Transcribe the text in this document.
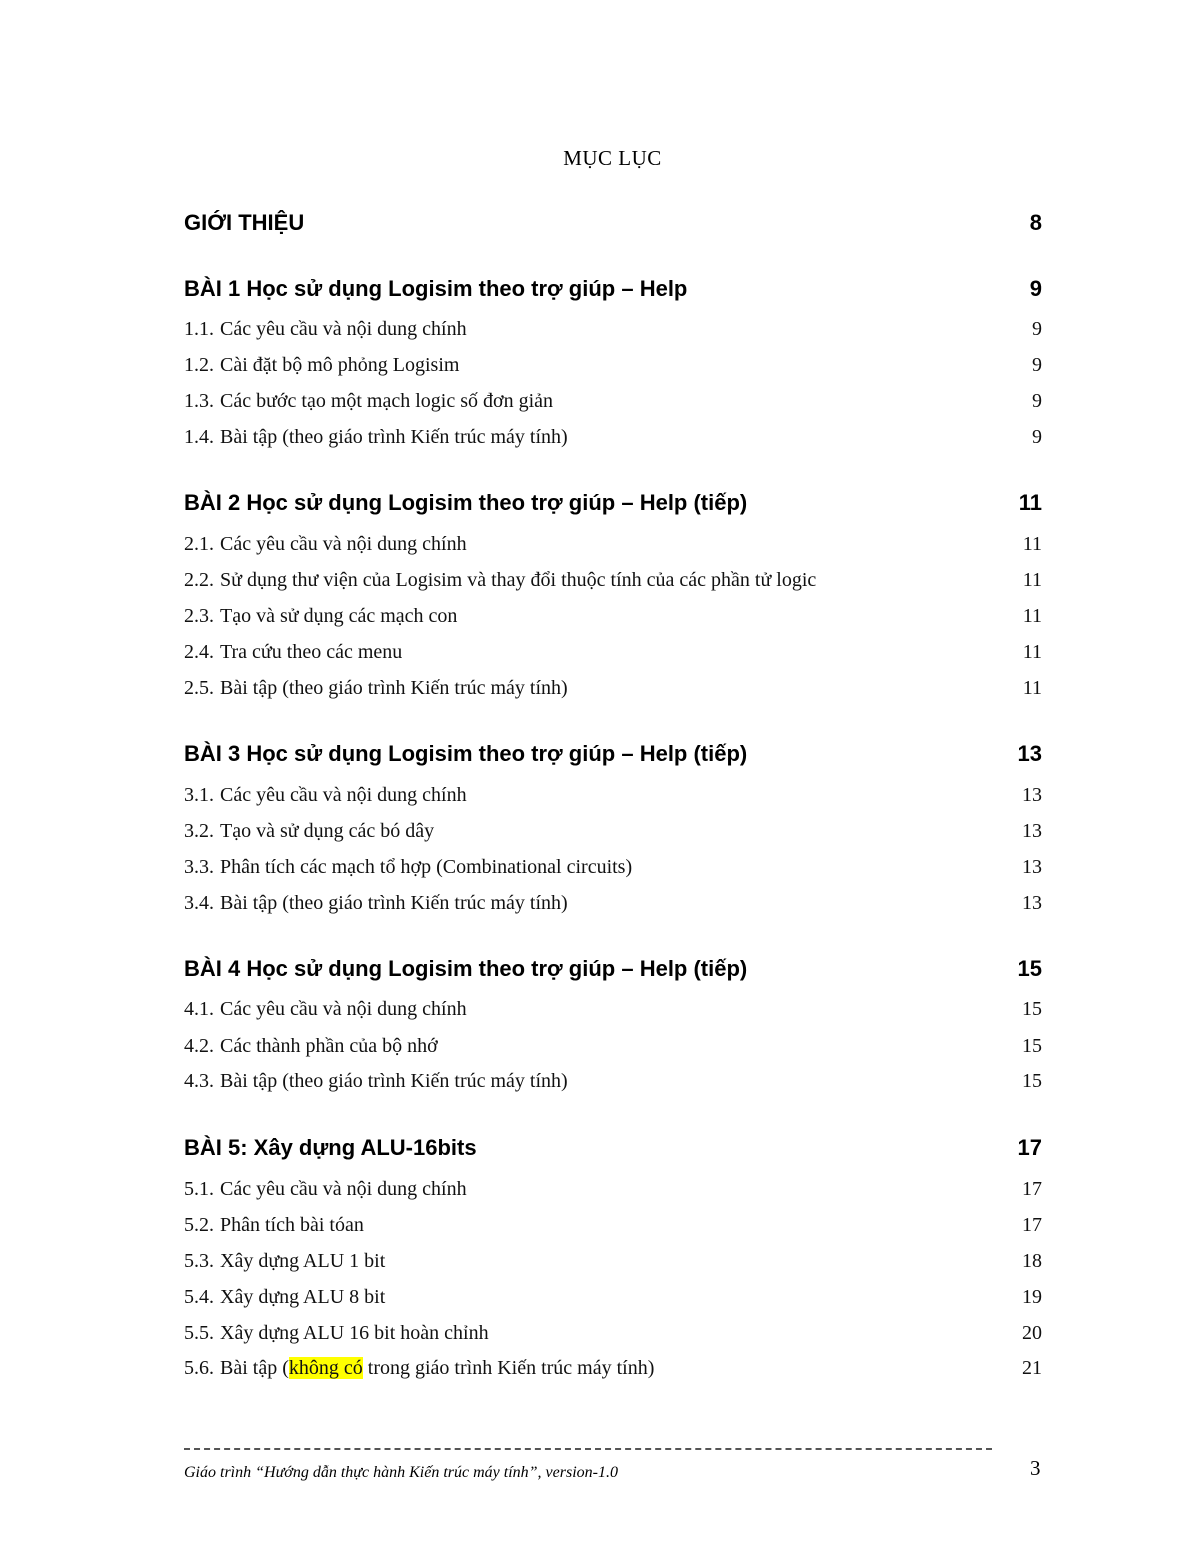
MỤC LỤC
GIỚI THIỆU	8
BÀI 1 Học sử dụng Logisim theo trợ giúp – Help	9
1.1. Các yêu cầu và nội dung chính	9
1.2. Cài đặt bộ mô phỏng Logisim	9
1.3. Các bước tạo một mạch logic số đơn giản	9
1.4. Bài tập (theo giáo trình Kiến trúc máy tính)	9
BÀI 2 Học sử dụng Logisim theo trợ giúp – Help (tiếp)	11
2.1. Các yêu cầu và nội dung chính	11
2.2. Sử dụng thư viện của Logisim và thay đổi thuộc tính của các phần tử logic	11
2.3. Tạo và sử dụng các mạch con	11
2.4. Tra cứu theo các menu	11
2.5. Bài tập (theo giáo trình Kiến trúc máy tính)	11
BÀI 3 Học sử dụng Logisim theo trợ giúp – Help (tiếp)	13
3.1. Các yêu cầu và nội dung chính	13
3.2. Tạo và sử dụng các bó dây	13
3.3. Phân tích các mạch tổ hợp (Combinational circuits)	13
3.4. Bài tập (theo giáo trình Kiến trúc máy tính)	13
BÀI 4 Học sử dụng Logisim theo trợ giúp – Help (tiếp)	15
4.1. Các yêu cầu và nội dung chính	15
4.2. Các thành phần của bộ nhớ	15
4.3. Bài tập (theo giáo trình Kiến trúc máy tính)	15
BÀI 5: Xây dựng ALU-16bits	17
5.1. Các yêu cầu và nội dung chính	17
5.2. Phân tích bài tóan	17
5.3. Xây dựng ALU 1 bit	18
5.4. Xây dựng ALU 8 bit	19
5.5. Xây dựng ALU 16 bit hoàn chỉnh	20
5.6. Bài tập (không có trong giáo trình Kiến trúc máy tính)	21
Giáo trình “Hướng dẫn thực hành Kiến trúc máy tính”, version-1.0	3
